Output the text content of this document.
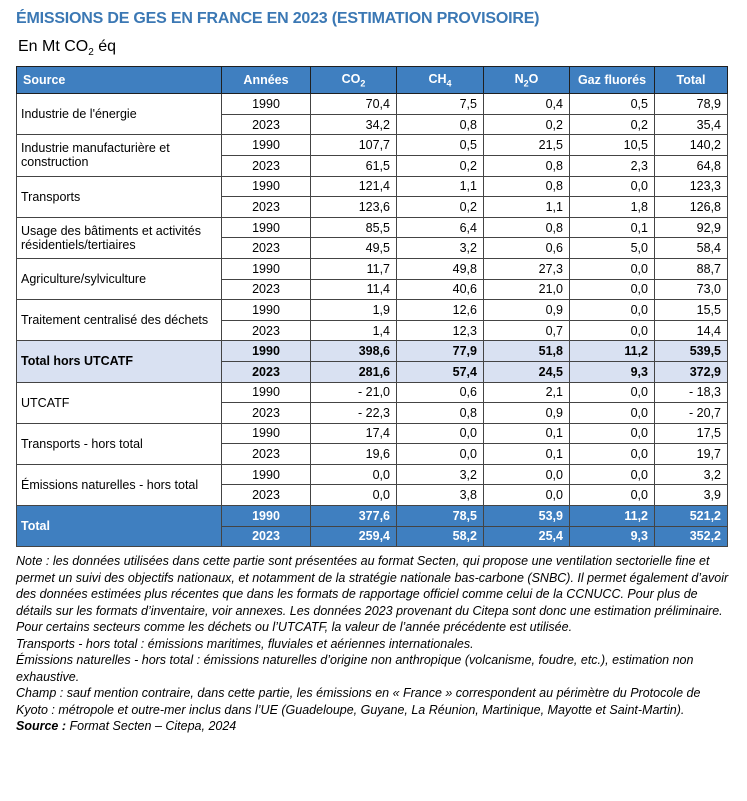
ÉMISSIONS DE GES EN FRANCE EN 2023 (ESTIMATION PROVISOIRE)
En Mt $CO_2$ éq
Source	Années	$CO_2$	$CH_4$	$N_2O$	Gaz fluorés	Total
Industrie de l'énergie	1990	70,4	7,5	0,4	0,5	78,9
	2023	34,2	0,8	0,2	0,2	35,4
Industrie manufacturière et construction	1990	107,7	0,5	21,5	10,5	140,2
	2023	61,5	0,2	0,8	2,3	64,8
Transports	1990	121,4	1,1	0,8	0,0	123,3
	2023	123,6	0,2	1,1	1,8	126,8
Usage des bâtiments et activités résidentiels/tertiaires	1990	85,5	6,4	0,8	0,1	92,9
	2023	49,5	3,2	0,6	5,0	58,4
Agriculture/sylviculture	1990	11,7	49,8	27,3	0,0	88,7
	2023	11,4	40,6	21,0	0,0	73,0
Traitement centralisé des déchets	1990	1,9	12,6	0,9	0,0	15,5
	2023	1,4	12,3	0,7	0,0	14,4
Total hors UTCATF	1990	398,6	77,9	51,8	11,2	539,5
	2023	281,6	57,4	24,5	9,3	372,9
UTCATF	1990	- 21,0	0,6	2,1	0,0	- 18,3
	2023	- 22,3	0,8	0,9	0,0	- 20,7
Transports - hors total	1990	17,4	0,0	0,1	0,0	17,5
	2023	19,6	0,0	0,1	0,0	19,7
Émissions naturelles - hors total	1990	0,0	3,2	0,0	0,0	3,2
	2023	0,0	3,8	0,0	0,0	3,9
Total	1990	377,6	78,5	53,9	11,2	521,2
	2023	259,4	58,2	25,4	9,3	352,2

Note : les données utilisées dans cette partie sont présentées au format Secten, qui propose une ventilation sectorielle fine et permet un suivi des objectifs nationaux, et notamment de la stratégie nationale bas-carbone (SNBC). Il permet également d’avoir des données estimées plus récentes que dans les formats de rapportage officiel comme celui de la CCNUCC. Pour plus de détails sur les formats d’inventaire, voir annexes. Les données 2023 provenant du Citepa sont donc une estimation préliminaire. Pour certains secteurs comme les déchets ou l’UTCATF, la valeur de l’année précédente est utilisée.

Transports - hors total : émissions maritimes, fluviales et aériennes internationales.

Émissions naturelles - hors total : émissions naturelles d’origine non anthropique (volcanisme, foudre, etc.), estimation non exhaustive.

Champ : sauf mention contraire, dans cette partie, les émissions en « France » correspondent au périmètre du Protocole de Kyoto : métropole et outre-mer inclus dans l’UE (Guadeloupe, Guyane, La Réunion, Martinique, Mayotte et Saint-Martin).

Source : Format Secten – Citepa, 2024
